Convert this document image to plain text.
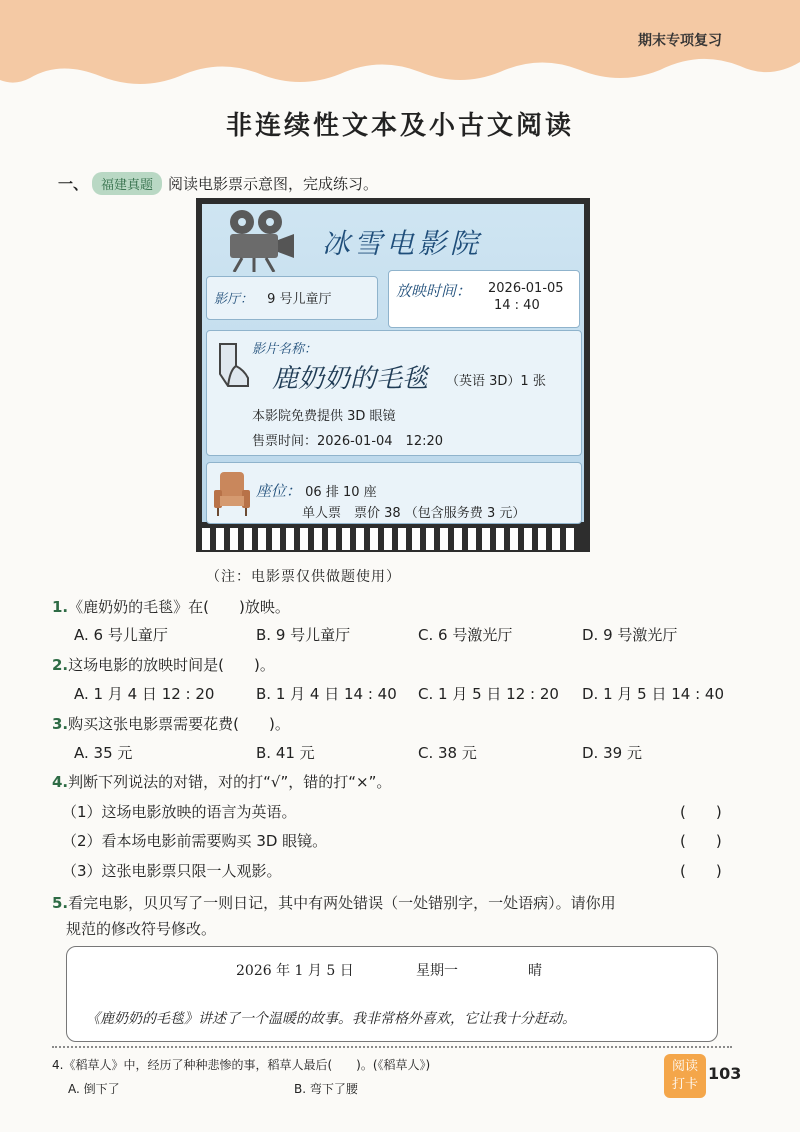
期末专项复习
非连续性文本及小古文阅读
一、	福建真题	阅读电影票示意图，完成练习。
冰雪电影院
影厅： 9 号儿童厅	放映时间： 2026-01-05
14 : 40
影片名称：
鹿奶奶的毛毯 （英语 3D）1 张
本影院免费提供 3D 眼镜
售票时间：2026-01-04　12:20
座位： 06 排 10 座
单人票　票价 38 （包含服务费 3 元）
（注：电影票仅供做题使用）
1.《鹿奶奶的毛毯》在(　　)放映。
A. 6 号儿童厅	B. 9 号儿童厅	C. 6 号激光厅	D. 9 号激光厅
2.这场电影的放映时间是(　　)。
A. 1 月 4 日 12 : 20	B. 1 月 4 日 14 : 40 C. 1 月 5 日 12 : 20 D. 1 月 5 日 14 : 40
3.购买这张电影票需要花费(　　)。
A. 35 元	B. 41 元	C. 38 元	D. 39 元
4.判断下列说法的对错，对的打“√”，错的打“×”。
（1）这场电影放映的语言为英语。	(　　)
（2）看本场电影前需要购买 3D 眼镜。	(　　)
（3）这张电影票只限一人观影。	(　　)
5.看完电影，贝贝写了一则日记，其中有两处错误（一处错别字，一处语病）。请你用
规范的修改符号修改。
2026 年 1 月 5 日	星期一	晴
《鹿奶奶的毛毯》讲述了一个温暖的故事。我非常格外喜欢，它让我十分赶动。
4.《稻草人》中，经历了种种悲惨的事，稻草人最后(　　)。(《稻草人》)
A. 倒下了	B. 弯下了腰
阅读
打卡
103
